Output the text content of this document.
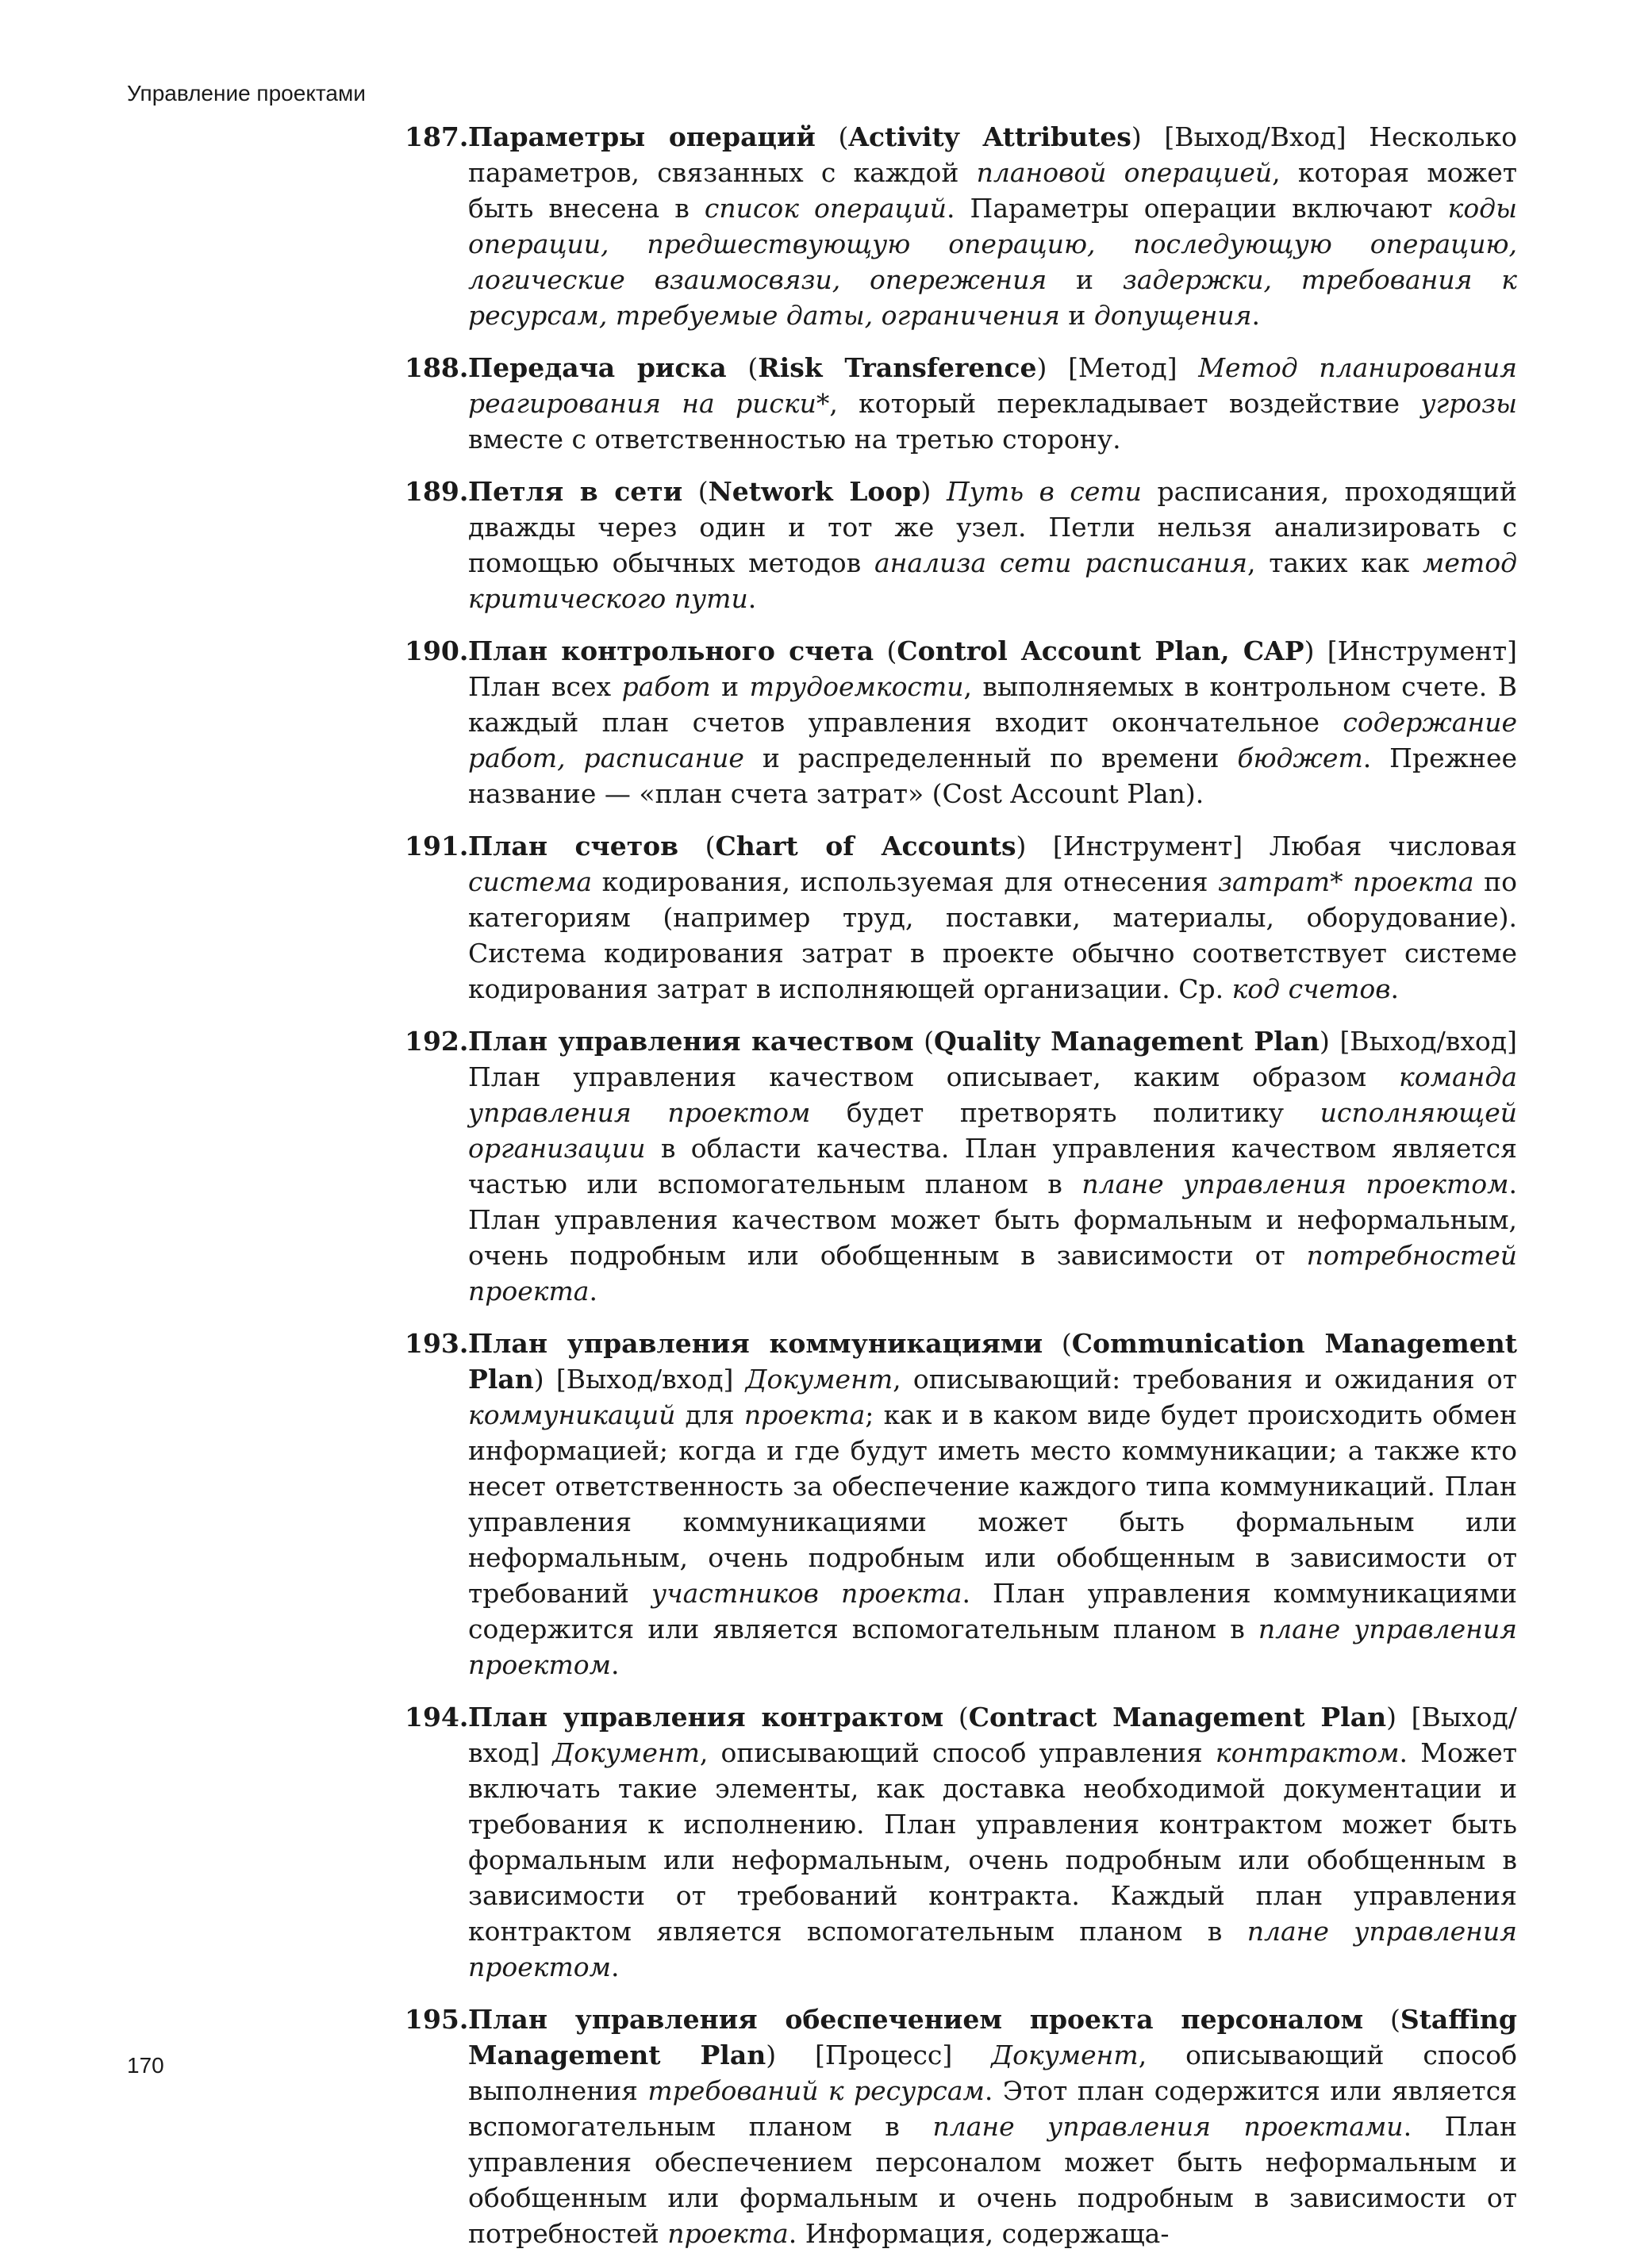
Управление проектами
187. Параметры операций (Activity Attributes) [Выход/Вход] Несколько параметров, связанных с каждой плановой операцией, которая может быть внесена в список операций. Параметры операции включают коды операции, предшествующую операцию, последующую операцию, логические взаимосвязи, опережения и задержки, требования к ресурсам, требуемые даты, ограничения и допущения.
188. Передача риска (Risk Transference) [Метод] Метод планирования реагирования на риски*, который перекладывает воздействие угрозы вместе с ответственностью на третью сторону.
189. Петля в сети (Network Loop) Путь в сети расписания, проходящий дважды через один и тот же узел. Петли нельзя анализировать с помощью обычных методов анализа сети расписания, таких как метод критического пути.
190. План контрольного счета (Control Account Plan, CAP) [Инструмент] План всех работ и трудоемкости, выполняемых в контрольном счете. В каждый план счетов управления входит окончательное содержание работ, расписание и распределенный по времени бюджет. Прежнее название — «план счета затрат» (Cost Account Plan).
191. План счетов (Chart of Accounts) [Инструмент] Любая числовая система кодирования, используемая для отнесения затрат* проекта по категориям (например труд, поставки, материалы, оборудование). Система кодирования затрат в проекте обычно соответствует системе кодирования затрат в исполняющей организации. Ср. код счетов.
192. План управления качеством (Quality Management Plan) [Выход/вход] План управления качеством описывает, каким образом команда управления проектом будет претворять политику исполняющей организации в области качества. План управления качеством является частью или вспомогательным планом в плане управления проектом. План управления качеством может быть формальным и неформальным, очень подробным или обобщенным в зависимости от потребностей проекта.
193. План управления коммуникациями (Communication Management Plan) [Выход/вход] Документ, описывающий: требования и ожидания от коммуникаций для проекта; как и в каком виде будет происходить обмен информацией; когда и где будут иметь место коммуникации; а также кто несет ответственность за обеспечение каждого типа коммуникаций. План управления коммуникациями может быть формальным или неформальным, очень подробным или обобщенным в зависимости от требований участников проекта. План управления коммуникациями содержится или является вспомогательным планом в плане управления проектом.
194. План управления контрактом (Contract Management Plan) [Выход/вход] Документ, описывающий способ управления контрактом. Может включать такие элементы, как доставка необходимой документации и требования к исполнению. План управления контрактом может быть формальным или неформальным, очень подробным или обобщенным в зависимости от требований контракта. Каждый план управления контрактом является вспомогательным планом в плане управления проектом.
195. План управления обеспечением проекта персоналом (Staffing Management Plan) [Процесс] Документ, описывающий способ выполнения требований к ресурсам. Этот план содержится или является вспомогательным планом в плане управления проектами. План управления обеспечением персоналом может быть неформальным и обобщенным или формальным и очень подробным в зависимости от потребностей проекта. Информация, содержаща-
170
